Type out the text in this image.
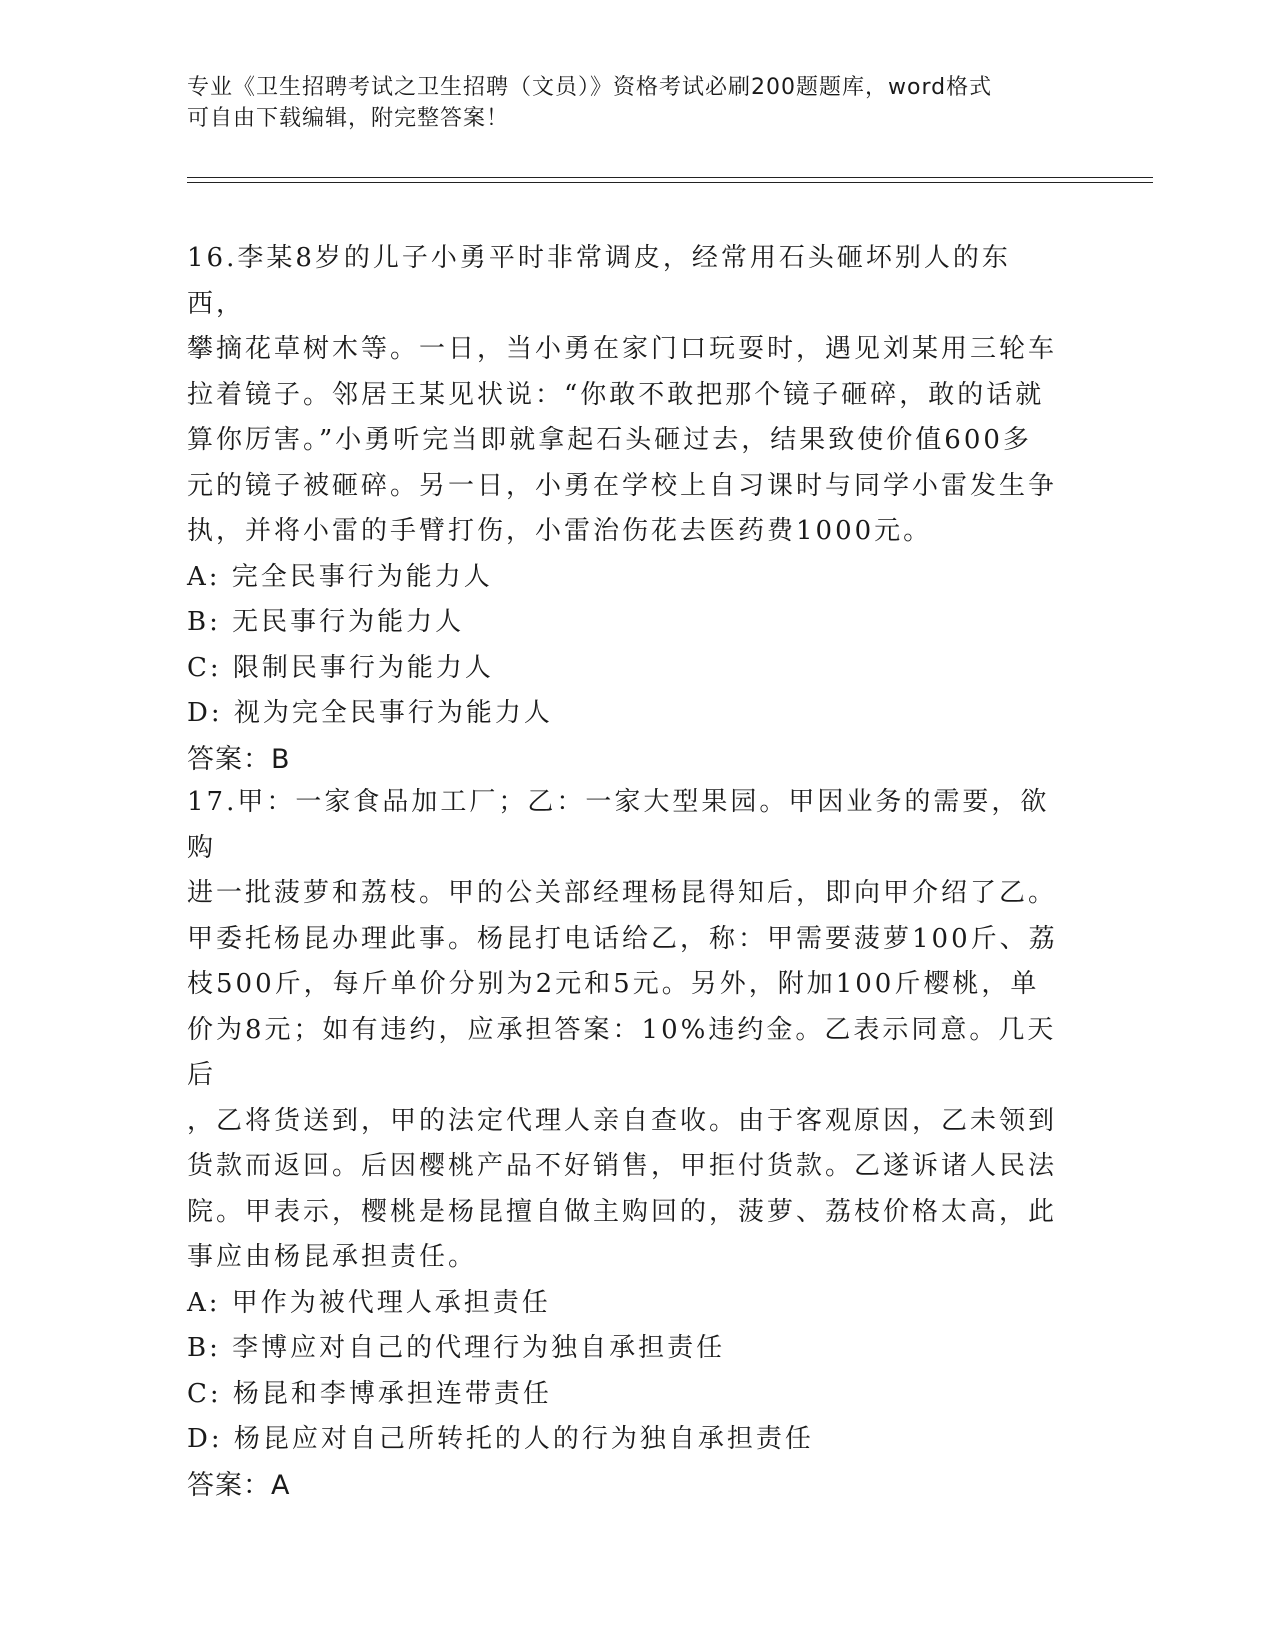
专业《卫生招聘考试之卫生招聘（文员）》资格考试必刷200题题库，word格式
可自由下载编辑，附完整答案！

16.李某8岁的儿子小勇平时非常调皮，经常用石头砸坏别人的东西，

攀摘花草树木等。一日，当小勇在家门口玩耍时，遇见刘某用三轮车

拉着镜子。邻居王某见状说：“你敢不敢把那个镜子砸碎，敢的话就

算你厉害。”小勇听完当即就拿起石头砸过去，结果致使价值600多

元的镜子被砸碎。另一日，小勇在学校上自习课时与同学小雷发生争

执，并将小雷的手臂打伤，小雷治伤花去医药费1000元。

A: 完全民事行为能力人

B: 无民事行为能力人

C: 限制民事行为能力人

D: 视为完全民事行为能力人

答案：B

17.甲：一家食品加工厂；乙：一家大型果园。甲因业务的需要，欲购

进一批菠萝和荔枝。甲的公关部经理杨昆得知后，即向甲介绍了乙。

甲委托杨昆办理此事。杨昆打电话给乙，称：甲需要菠萝100斤、荔

枝500斤，每斤单价分别为2元和5元。另外，附加100斤樱桃，单

价为8元；如有违约，应承担答案：10%违约金。乙表示同意。几天后

，乙将货送到，甲的法定代理人亲自查收。由于客观原因，乙未领到

货款而返回。后因樱桃产品不好销售，甲拒付货款。乙遂诉诸人民法

院。甲表示，樱桃是杨昆擅自做主购回的，菠萝、荔枝价格太高，此

事应由杨昆承担责任。

A: 甲作为被代理人承担责任

B: 李博应对自己的代理行为独自承担责任

C: 杨昆和李博承担连带责任

D: 杨昆应对自己所转托的人的行为独自承担责任

答案：A
